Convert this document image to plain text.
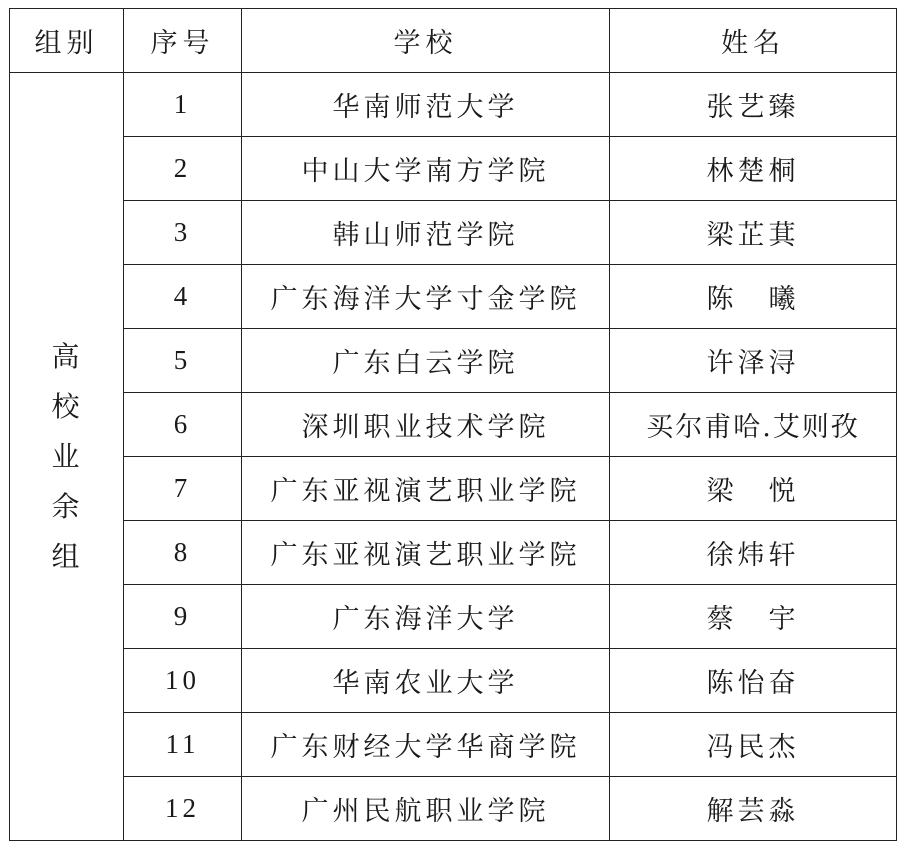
组别	序号	学校	姓名
高校业余组	1	华南师范大学	张艺臻
	2	中山大学南方学院	林楚桐
	3	韩山师范学院	梁芷萁
	4	广东海洋大学寸金学院	陈　曦
	5	广东白云学院	许泽浔
	6	深圳职业技术学院	买尔甫哈.艾则孜
	7	广东亚视演艺职业学院	梁　悦
	8	广东亚视演艺职业学院	徐炜轩
	9	广东海洋大学	蔡　宇
	10	华南农业大学	陈怡奋
	11	广东财经大学华商学院	冯民杰
	12	广州民航职业学院	解芸淼
